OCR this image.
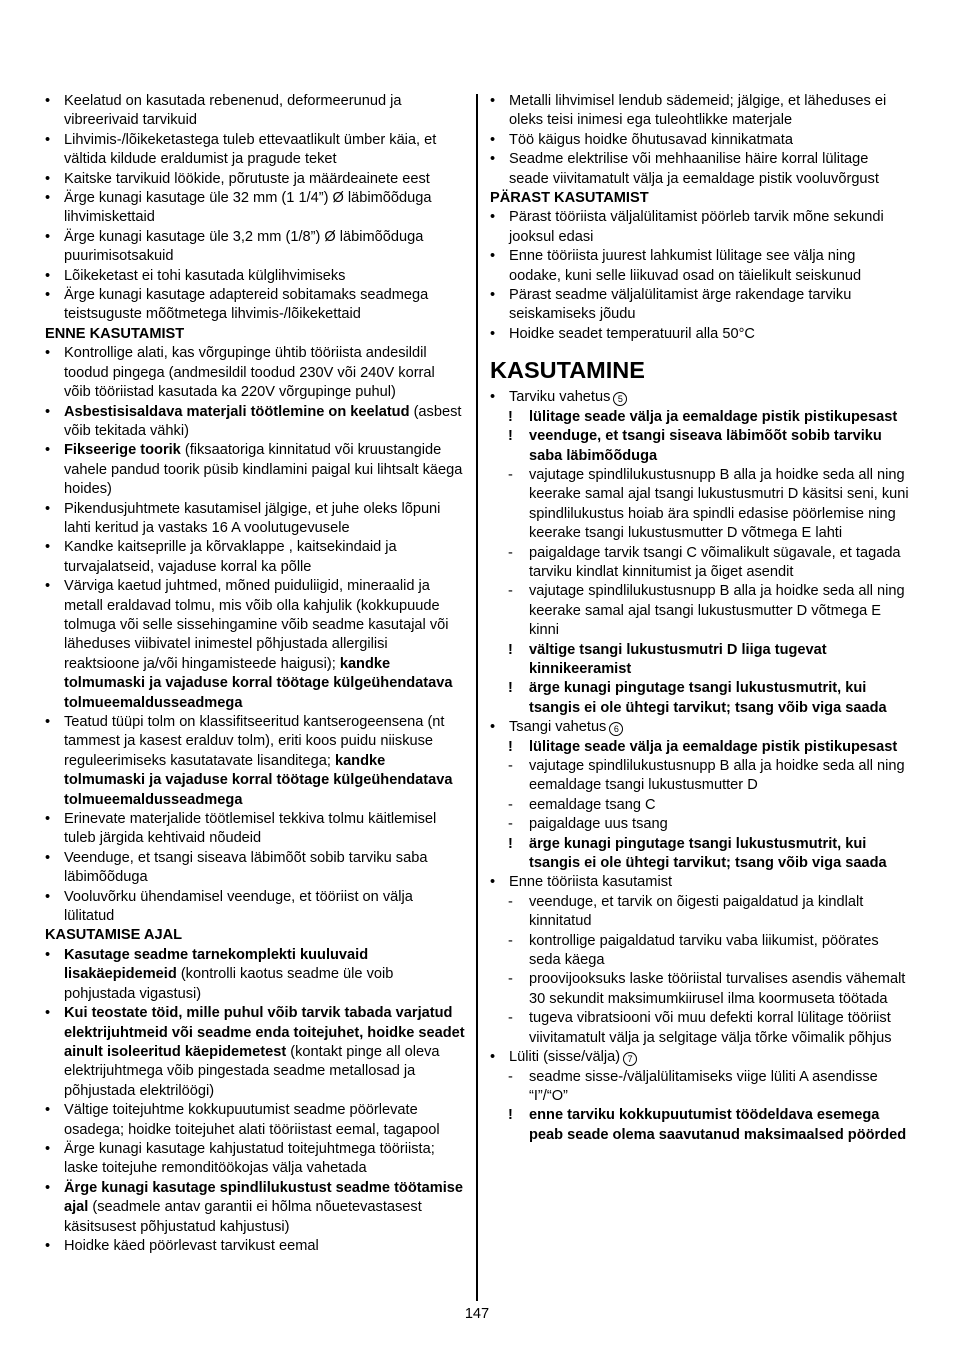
• Keelatud on kasutada rebenenud, deformeerunud ja vibreerivaid tarvikuid
• Lihvimis-/lõikeketastega tuleb ettevaatlikult ümber käia, et vältida kildude eraldumist ja pragude teket
• Kaitske tarvikuid löökide, põrutuste ja määrdeainete eest
• Ärge kunagi kasutage üle 32 mm (1 1/4”) Ø läbimõõduga lihvimiskettaid
• Ärge kunagi kasutage üle 3,2 mm (1/8”) Ø läbimõõduga puurimisotsakuid
• Lõikeketast ei tohi kasutada külglihvimiseks
• Ärge kunagi kasutage adaptereid sobitamaks seadmega teistsuguste mõõtmetega lihvimis-/lõikekettaid
ENNE KASUTAMIST
• Kontrollige alati, kas võrgupinge ühtib tööriista andesildil toodud pingega (andmesildil toodud 230V või 240V korral võib tööriistad kasutada ka 220V võrgupinge puhul)
• Asbestisisaldava materjali töötlemine on keelatud (asbest võib tekitada vähki)
• Fikseerige toorik (fiksaatoriga kinnitatud või kruustangide vahele pandud toorik püsib kindlamini paigal kui lihtsalt käega hoides)
• Pikendusjuhtmete kasutamisel jälgige, et juhe oleks lõpuni lahti keritud ja vastaks 16 A voolutugevusele
• Kandke kaitseprille ja kõrvaklappe , kaitsekindaid ja turvajalatseid, vajaduse korral ka põlle
• Värviga kaetud juhtmed, mõned puiduliigid, mineraalid ja metall eraldavad tolmu, mis võib olla kahjulik (kokkupuude tolmuga või selle sissehingamine võib seadme kasutajal või läheduses viibivatel inimestel põhjustada allergilisi reaktsioone ja/või hingamisteede haigusi); kandke tolmumaski ja vajaduse korral töötage külgeühendatava tolmueemaldusseadmega
• Teatud tüüpi tolm on klassifitseeritud kantserogeensena (nt tammest ja kasest eralduv tolm), eriti koos puidu niiskuse reguleerimiseks kasutatavate lisanditega; kandke tolmumaski ja vajaduse korral töötage külgeühendatava tolmueemaldusseadmega
• Erinevate materjalide töötlemisel tekkiva tolmu käitlemisel tuleb järgida kehtivaid nõudeid
• Veenduge, et tsangi siseava läbimõõt sobib tarviku saba läbimõõduga
• Vooluvõrku ühendamisel veenduge, et tööriist on välja lülitatud
KASUTAMISE AJAL
• Kasutage seadme tarnekomplekti kuuluvaid lisakäepidemeid (kontrolli kaotus seadme üle voib pohjustada vigastusi)
• Kui teostate töid, mille puhul võib tarvik tabada varjatud elektrijuhtmeid või seadme enda toitejuhet, hoidke seadet ainult isoleeritud käepidemetest (kontakt pinge all oleva elektrijuhtmega võib pingestada seadme metallosad ja põhjustada elektrilöögi)
• Vältige toitejuhtme kokkupuutumist seadme pöörlevate osadega; hoidke toitejuhet alati tööriistast eemal, tagapool
• Ärge kunagi kasutage kahjustatud toitejuhtmega tööriista; laske toitejuhe remonditöökojas välja vahetada
• Ärge kunagi kasutage spindlilukustust seadme töötamise ajal (seadmele antav garantii ei hõlma nõuetevastasest käsitsusest põhjustatud kahjustusi)
• Hoidke käed pöörlevast tarvikust eemal
• Metalli lihvimisel lendub sädemeid; jälgige, et läheduses ei oleks teisi inimesi ega tuleohtlikke materjale
• Töö käigus hoidke õhutusavad kinnikatmata
• Seadme elektrilise või mehhaanilise häire korral lülitage seade viivitamatult välja ja eemaldage pistik vooluvõrgust
PÄRAST KASUTAMIST
• Pärast tööriista väljalülitamist pöörleb tarvik mõne sekundi jooksul edasi
• Enne tööriista juurest lahkumist lülitage see välja ning oodake, kuni selle liikuvad osad on täielikult seiskunud
• Pärast seadme väljalülitamist ärge rakendage tarviku seiskamiseks jõudu
• Hoidke seadet temperatuuril alla 50°C
KASUTAMINE
• Tarviku vahetus 5
! lülitage seade välja ja eemaldage pistik pistikupesast
! veenduge, et tsangi siseava läbimõõt sobib tarviku saba läbimõõduga
- vajutage spindlilukustusnupp B alla ja hoidke seda all ning keerake samal ajal tsangi lukustusmutri D käsitsi seni, kuni spindlilukustus hoiab ära spindli edasise pöörlemise ning keerake tsangi lukustusmutter D võtmega E lahti
- paigaldage tarvik tsangi C võimalikult sügavale, et tagada tarviku kindlat kinnitumist ja õiget asendit
- vajutage spindlilukustusnupp B alla ja hoidke seda all ning keerake samal ajal tsangi lukustusmutter D võtmega E kinni
! vältige tsangi lukustusmutri D liiga tugevat kinnikeeramist
! ärge kunagi pingutage tsangi lukustusmutrit, kui tsangis ei ole ühtegi tarvikut; tsang võib viga saada
• Tsangi vahetus 6
! lülitage seade välja ja eemaldage pistik pistikupesast
- vajutage spindlilukustusnupp B alla ja hoidke seda all ning eemaldage tsangi lukustusmutter D
- eemaldage tsang C
- paigaldage uus tsang
! ärge kunagi pingutage tsangi lukustusmutrit, kui tsangis ei ole ühtegi tarvikut; tsang võib viga saada
• Enne tööriista kasutamist
- veenduge, et tarvik on õigesti paigaldatud ja kindlalt kinnitatud
- kontrollige paigaldatud tarviku vaba liikumist, pöörates seda käega
- proovijooksuks laske tööriistal turvalises asendis vähemalt 30 sekundit maksimumkiirusel ilma koormuseta töötada
- tugeva vibratsiooni või muu defekti korral lülitage tööriist viivitamatult välja ja selgitage välja tõrke võimalik põhjus
• Lüliti (sisse/välja) 7
- seadme sisse-/väljalülitamiseks viige lüliti A asendisse “I”/“O”
! enne tarviku kokkupuutumist töödeldava esemega peab seade olema saavutanud maksimaalsed pöörded
147
